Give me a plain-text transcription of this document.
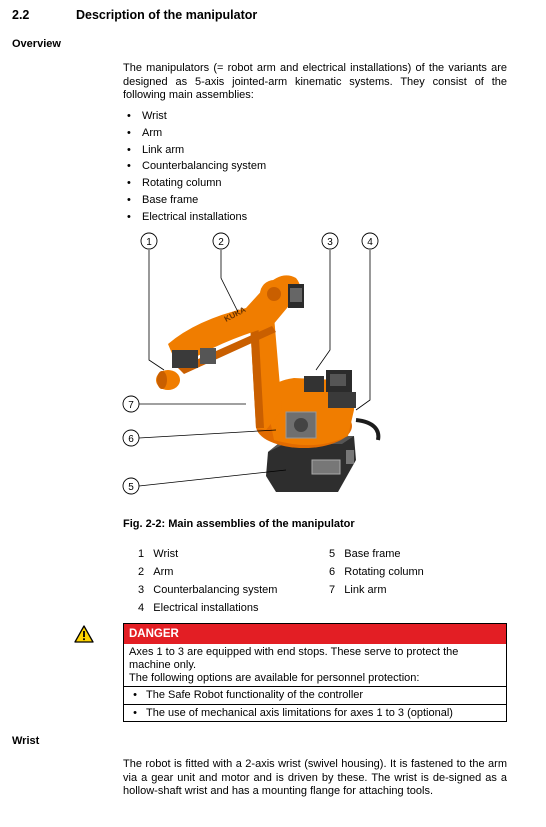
2.2	Description of the manipulator
Overview
The manipulators (= robot arm and electrical installations) of the variants are designed as 5-axis jointed-arm kinematic systems. They consist of the following main assemblies:
• Wrist
• Arm
• Link arm
• Counterbalancing system
• Rotating column
• Base frame
• Electrical installations
KUKA
1	2	3	4
5
6
7
Fig. 2-2: Main assemblies of the manipulator
1 Wrist
2 Arm
3 Counterbalancing system
4 Electrical installations
5 Base frame
6 Rotating column
7 Link arm
DANGER
Axes 1 to 3 are equipped with end stops. These serve to protect the machine only.
The following options are available for personnel protection:
• The Safe Robot functionality of the controller
• The use of mechanical axis limitations for axes 1 to 3 (optional)
Wrist
The robot is fitted with a 2-axis wrist (swivel housing). It is fastened to the arm via a gear unit and motor and is driven by these. The wrist is de-signed as a hollow-shaft wrist and has a mounting flange for attaching tools.
